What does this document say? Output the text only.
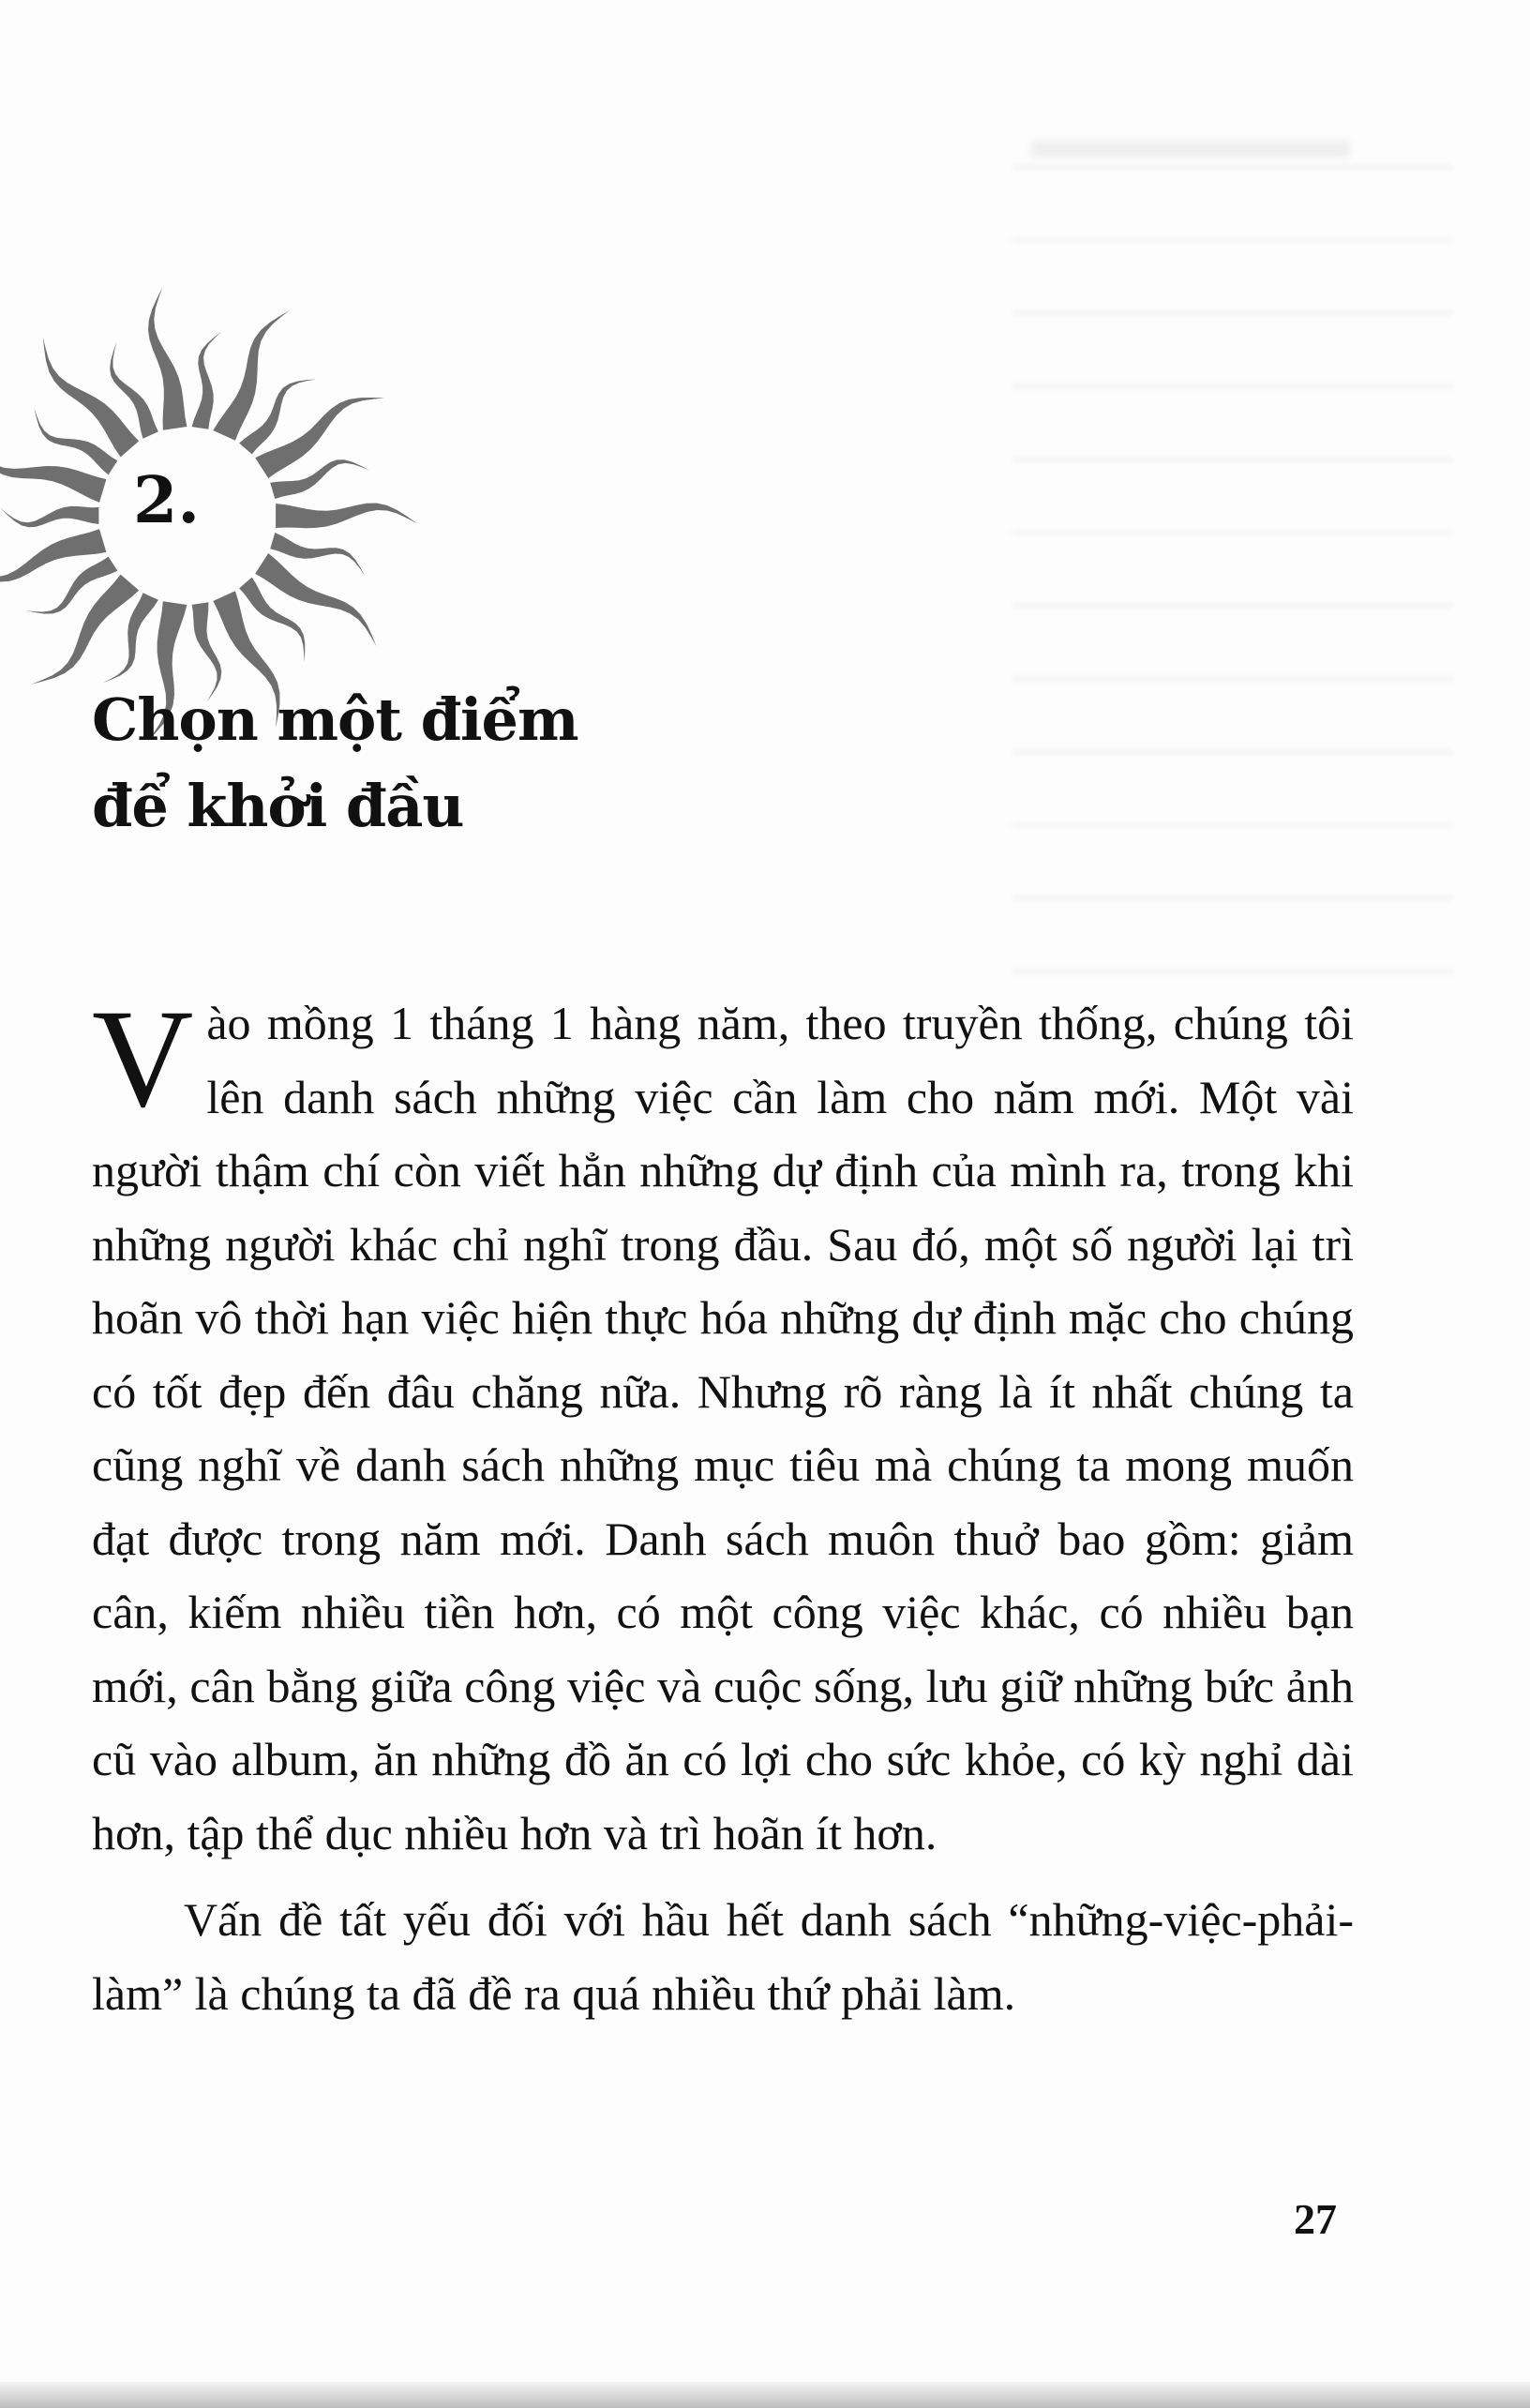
2.
Chọn một điểm
để khởi đầu

V ào mồng 1 tháng 1 hàng năm, theo truyền thống, chúng tôi lên danh sách những việc cần làm cho năm mới. Một vài người thậm chí còn viết hẳn những dự định của mình ra, trong khi những người khác chỉ nghĩ trong đầu. Sau đó, một số người lại trì hoãn vô thời hạn việc hiện thực hóa những dự định mặc cho chúng có tốt đẹp đến đâu chăng nữa. Nhưng rõ ràng là ít nhất chúng ta cũng nghĩ về danh sách những mục tiêu mà chúng ta mong muốn đạt được trong năm mới. Danh sách muôn thuở bao gồm: giảm cân, kiếm nhiều tiền hơn, có một công việc khác, có nhiều bạn mới, cân bằng giữa công việc và cuộc sống, lưu giữ những bức ảnh cũ vào album, ăn những đồ ăn có lợi cho sức khỏe, có kỳ nghỉ dài hơn, tập thể dục nhiều hơn và trì hoãn ít hơn.

Vấn đề tất yếu đối với hầu hết danh sách “những-việc-phải-làm” là chúng ta đã đề ra quá nhiều thứ phải làm.

27
